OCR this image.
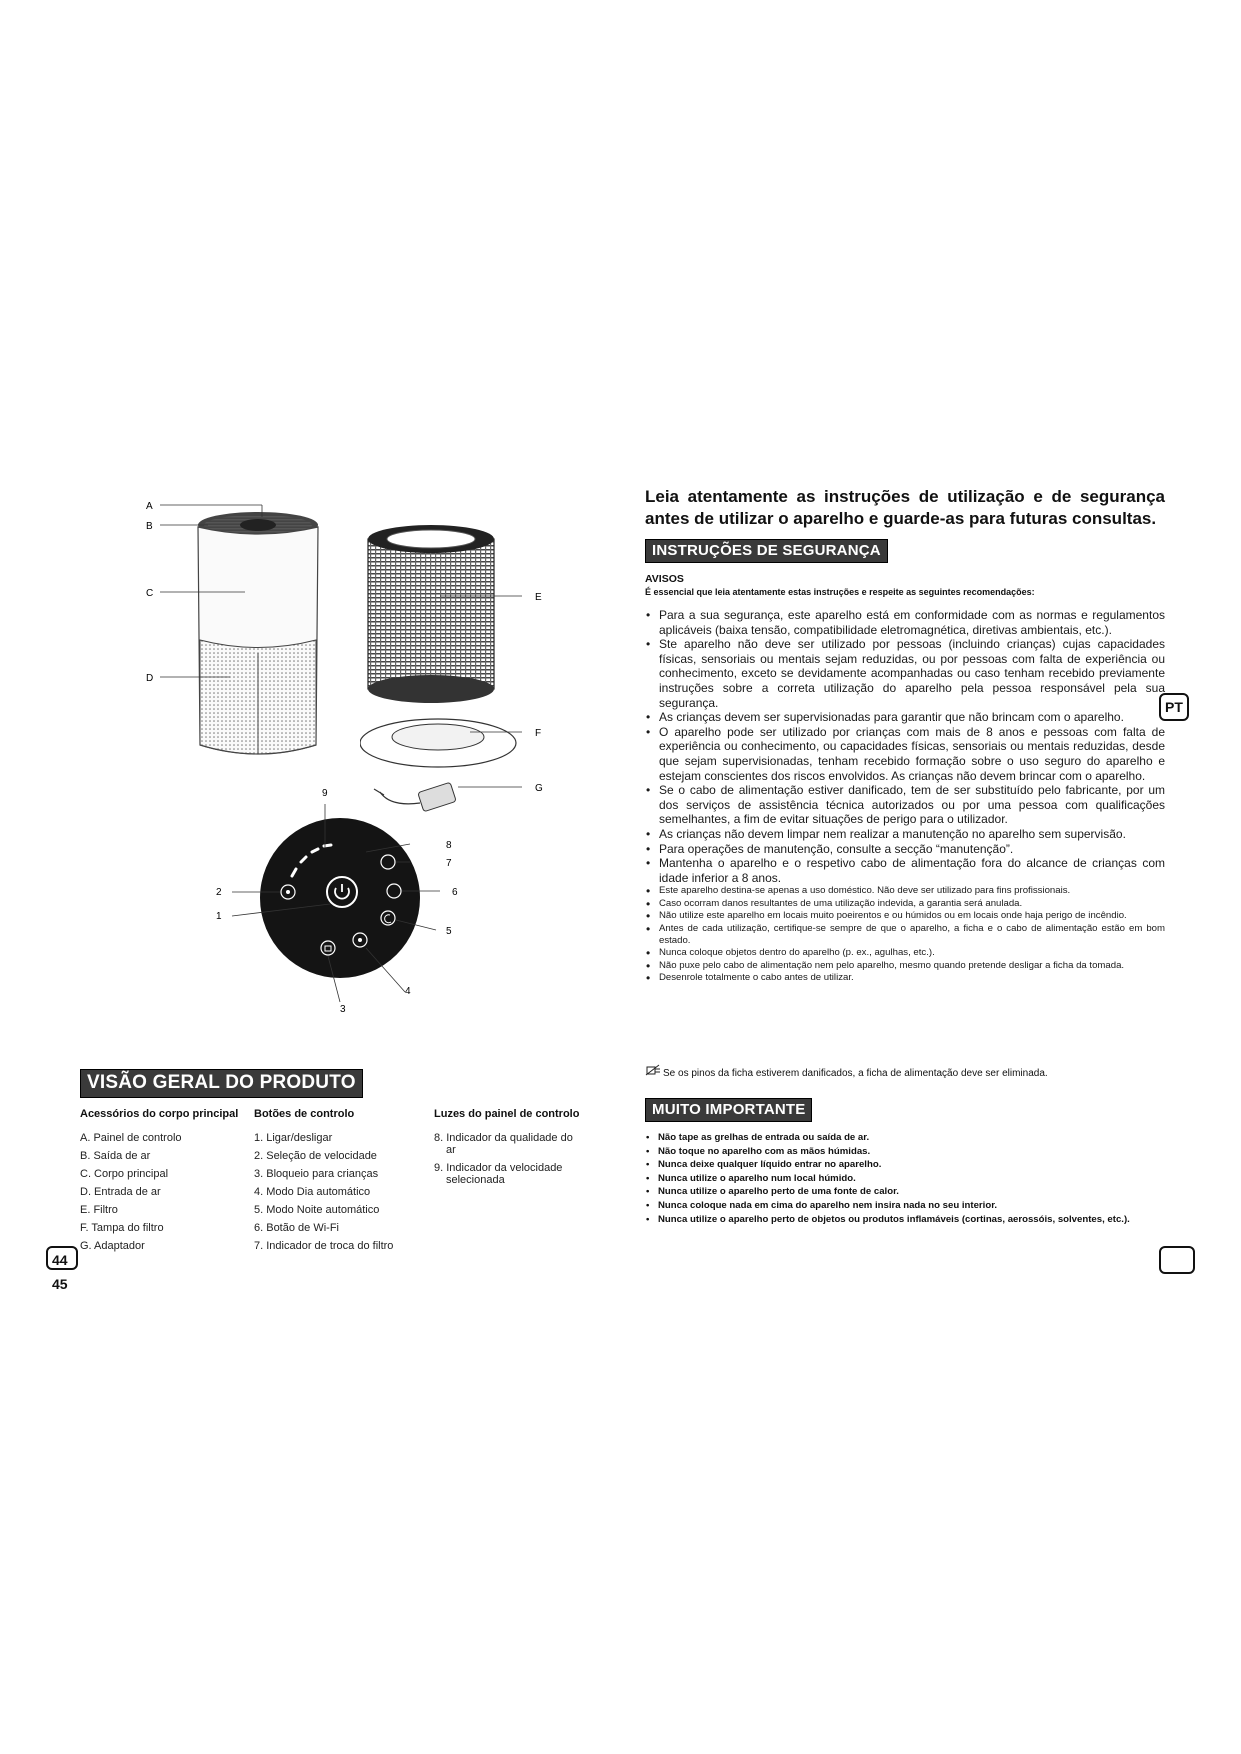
A
B
C
D
E
F
G
9
8
7
6
5
4
3
2
1
VISÃO GERAL DO PRODUTO
Acessórios do corpo principal
A. Painel de controlo
B. Saída de ar
C. Corpo principal
D. Entrada de ar
E. Filtro
F. Tampa do filtro
G. Adaptador
Botões de controlo
1. Ligar/desligar
2. Seleção de velocidade
3. Bloqueio para crianças
4. Modo Dia automático
5. Modo Noite automático
6. Botão de Wi-Fi
7. Indicador de troca do filtro
Luzes do painel de controlo
8. Indicador da qualidade do ar
9. Indicador da velocidade selecionada
44 45
Leia atentamente as instruções de utilização e de segurança
antes de utilizar o aparelho e guarde-as para futuras consultas.
INSTRUÇÕES DE SEGURANÇA
AVISOS
É essencial que leia atentamente estas instruções e respeite as seguintes recomendações:
• Para a sua segurança, este aparelho está em conformidade com as normas e regulamentos aplicáveis (baixa tensão, compatibilidade eletromagnética, diretivas ambientais, etc.).
• Ste aparelho não deve ser utilizado por pessoas (incluindo crianças) cujas capacidades físicas, sensoriais ou mentais sejam reduzidas, ou por pessoas com falta de experiência ou conhecimento, exceto se devidamente acompanhadas ou caso tenham recebido previamente instruções sobre a correta utilização do aparelho pela pessoa responsável pela sua segurança.
• As crianças devem ser supervisionadas para garantir que não brincam com o aparelho.
• O aparelho pode ser utilizado por crianças com mais de 8 anos e pessoas com falta de experiência ou conhecimento, ou capacidades físicas, sensoriais ou mentais reduzidas, desde que sejam supervisionadas, tenham recebido formação sobre o uso seguro do aparelho e estejam conscientes dos riscos envolvidos. As crianças não devem brincar com o aparelho.
• Se o cabo de alimentação estiver danificado, tem de ser substituído pelo fabricante, por um dos serviços de assistência técnica autorizados ou por uma pessoa com qualificações semelhantes, a fim de evitar situações de perigo para o utilizador.
• As crianças não devem limpar nem realizar a manutenção no aparelho sem supervisão.
• Para operações de manutenção, consulte a secção “manutenção”.
• Mantenha o aparelho e o respetivo cabo de alimentação fora do alcance de crianças com idade inferior a 8 anos.
• Este aparelho destina-se apenas a uso doméstico. Não deve ser utilizado para fins profissionais.
• Caso ocorram danos resultantes de uma utilização indevida, a garantia será anulada.
• Não utilize este aparelho em locais muito poeirentos e ou húmidos ou em locais onde haja perigo de incêndio.
• Antes de cada utilização, certifique-se sempre de que o aparelho, a ficha e o cabo de alimentação estão em bom estado.
• Nunca coloque objetos dentro do aparelho (p. ex., agulhas, etc.).
• Não puxe pelo cabo de alimentação nem pelo aparelho, mesmo quando pretende desligar a ficha da tomada.
• Desenrole totalmente o cabo antes de utilizar.
Se os pinos da ficha estiverem danificados, a ficha de alimentação deve ser eliminada.
MUITO IMPORTANTE
• Não tape as grelhas de entrada ou saída de ar.
• Não toque no aparelho com as mãos húmidas.
• Nunca deixe qualquer líquido entrar no aparelho.
• Nunca utilize o aparelho num local húmido.
• Nunca utilize o aparelho perto de uma fonte de calor.
• Nunca coloque nada em cima do aparelho nem insira nada no seu interior.
• Nunca utilize o aparelho perto de objetos ou produtos inflamáveis (cortinas, aerossóis, solventes, etc.).
PT
